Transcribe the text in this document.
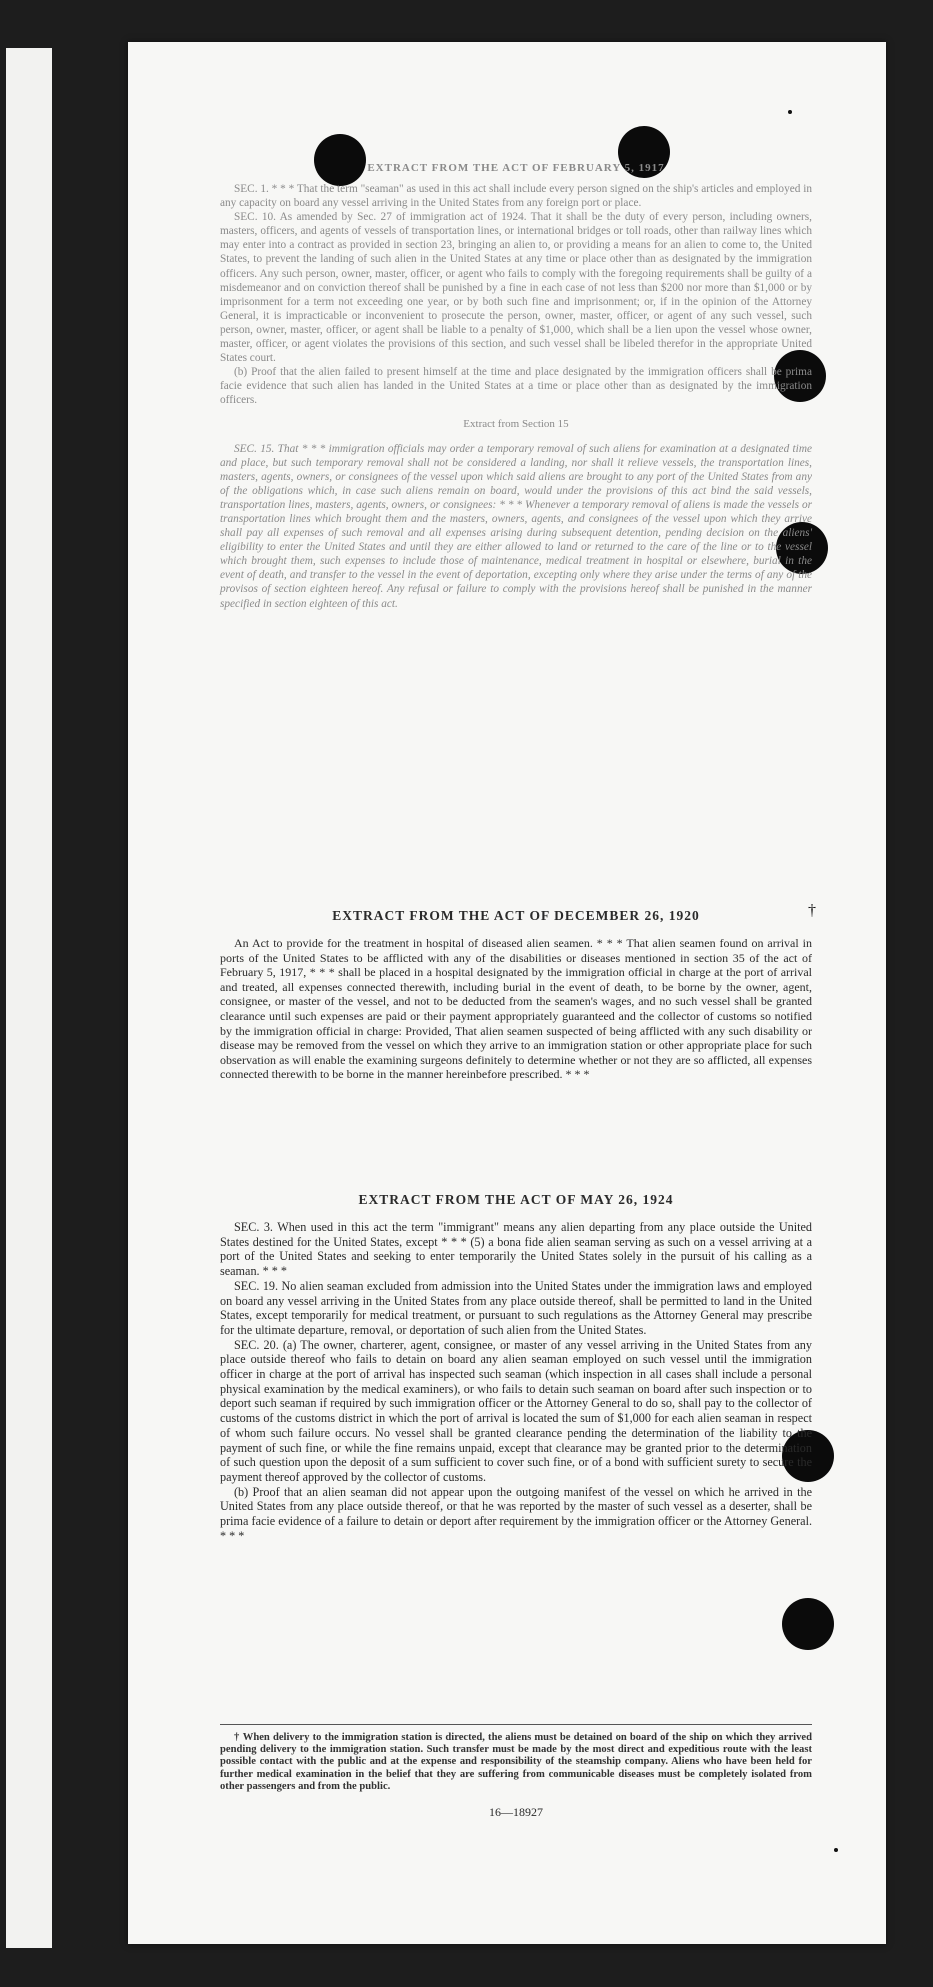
EXTRACT FROM THE ACT OF FEBRUARY 5, 1917

SEC. 1. * * * That the term "seaman" as used in this act shall include every person signed on the ship's articles and employed in any capacity on board any vessel arriving in the United States from any foreign port or place.

SEC. 10. As amended by Sec. 27 of immigration act of 1924. That it shall be the duty of every person, including owners, masters, officers, and agents of vessels of transportation lines, or international bridges or toll roads, other than railway lines which may enter into a contract as provided in section 23, bringing an alien to, or providing a means for an alien to come to, the United States, to prevent the landing of such alien in the United States at any time or place other than as designated by the immigration officers. Any such person, owner, master, officer, or agent who fails to comply with the foregoing requirements shall be guilty of a misdemeanor and on conviction thereof shall be punished by a fine in each case of not less than $200 nor more than $1,000 or by imprisonment for a term not exceeding one year, or by both such fine and imprisonment; or, if in the opinion of the Attorney General, it is impracticable or inconvenient to prosecute the person, owner, master, officer, or agent of any such vessel, such person, owner, master, officer, or agent shall be liable to a penalty of $1,000, which shall be a lien upon the vessel whose owner, master, officer, or agent violates the provisions of this section, and such vessel shall be libeled therefor in the appropriate United States court.

(b) Proof that the alien failed to present himself at the time and place designated by the immigration officers shall be prima facie evidence that such alien has landed in the United States at a time or place other than as designated by the immigration officers.

Extract from Section 15

SEC. 15. That * * * immigration officials may order a temporary removal of such aliens for examination at a designated time and place, but such temporary removal shall not be considered a landing, nor shall it relieve vessels, the transportation lines, masters, agents, owners, or consignees of the vessel upon which said aliens are brought to any port of the United States from any of the obligations which, in case such aliens remain on board, would under the provisions of this act bind the said vessels, transportation lines, masters, agents, owners, or consignees: * * * Whenever a temporary removal of aliens is made the vessels or transportation lines which brought them and the masters, owners, agents, and consignees of the vessel upon which they arrive shall pay all expenses of such removal and all expenses arising during subsequent detention, pending decision on the aliens' eligibility to enter the United States and until they are either allowed to land or returned to the care of the line or to the vessel which brought them, such expenses to include those of maintenance, medical treatment in hospital or elsewhere, burial in the event of death, and transfer to the vessel in the event of deportation, excepting only where they arise under the terms of any of the provisos of section eighteen hereof. Any refusal or failure to comply with the provisions hereof shall be punished in the manner specified in section eighteen of this act.

EXTRACT FROM THE ACT OF DECEMBER 26, 1920

An Act to provide for the treatment in hospital of diseased alien seamen. * * * That alien seamen found on arrival in ports of the United States to be afflicted with any of the disabilities or diseases mentioned in section 35 of the act of February 5, 1917, * * * shall be placed in a hospital designated by the immigration official in charge at the port of arrival and treated, all expenses connected therewith, including burial in the event of death, to be borne by the owner, agent, consignee, or master of the vessel, and not to be deducted from the seamen's wages, and no such vessel shall be granted clearance until such expenses are paid or their payment appropriately guaranteed and the collector of customs so notified by the immigration official in charge: Provided, That alien seamen suspected of being afflicted with any such disability or disease may be removed from the vessel on which they arrive to an immigration station or other appropriate place for such observation as will enable the examining surgeons definitely to determine whether or not they are so afflicted, all expenses connected therewith to be borne in the manner hereinbefore prescribed. * * *

†

EXTRACT FROM THE ACT OF MAY 26, 1924

SEC. 3. When used in this act the term "immigrant" means any alien departing from any place outside the United States destined for the United States, except * * * (5) a bona fide alien seaman serving as such on a vessel arriving at a port of the United States and seeking to enter temporarily the United States solely in the pursuit of his calling as a seaman. * * *

SEC. 19. No alien seaman excluded from admission into the United States under the immigration laws and employed on board any vessel arriving in the United States from any place outside thereof, shall be permitted to land in the United States, except temporarily for medical treatment, or pursuant to such regulations as the Attorney General may prescribe for the ultimate departure, removal, or deportation of such alien from the United States.

SEC. 20. (a) The owner, charterer, agent, consignee, or master of any vessel arriving in the United States from any place outside thereof who fails to detain on board any alien seaman employed on such vessel until the immigration officer in charge at the port of arrival has inspected such seaman (which inspection in all cases shall include a personal physical examination by the medical examiners), or who fails to detain such seaman on board after such inspection or to deport such seaman if required by such immigration officer or the Attorney General to do so, shall pay to the collector of customs of the customs district in which the port of arrival is located the sum of $1,000 for each alien seaman in respect of whom such failure occurs. No vessel shall be granted clearance pending the determination of the liability to the payment of such fine, or while the fine remains unpaid, except that clearance may be granted prior to the determination of such question upon the deposit of a sum sufficient to cover such fine, or of a bond with sufficient surety to secure the payment thereof approved by the collector of customs.

(b) Proof that an alien seaman did not appear upon the outgoing manifest of the vessel on which he arrived in the United States from any place outside thereof, or that he was reported by the master of such vessel as a deserter, shall be prima facie evidence of a failure to detain or deport after requirement by the immigration officer or the Attorney General. * * *

† When delivery to the immigration station is directed, the aliens must be detained on board of the ship on which they arrived pending delivery to the immigration station. Such transfer must be made by the most direct and expeditious route with the least possible contact with the public and at the expense and responsibility of the steamship company. Aliens who have been held for further medical examination in the belief that they are suffering from communicable diseases must be completely isolated from other passengers and from the public.

16—18927
